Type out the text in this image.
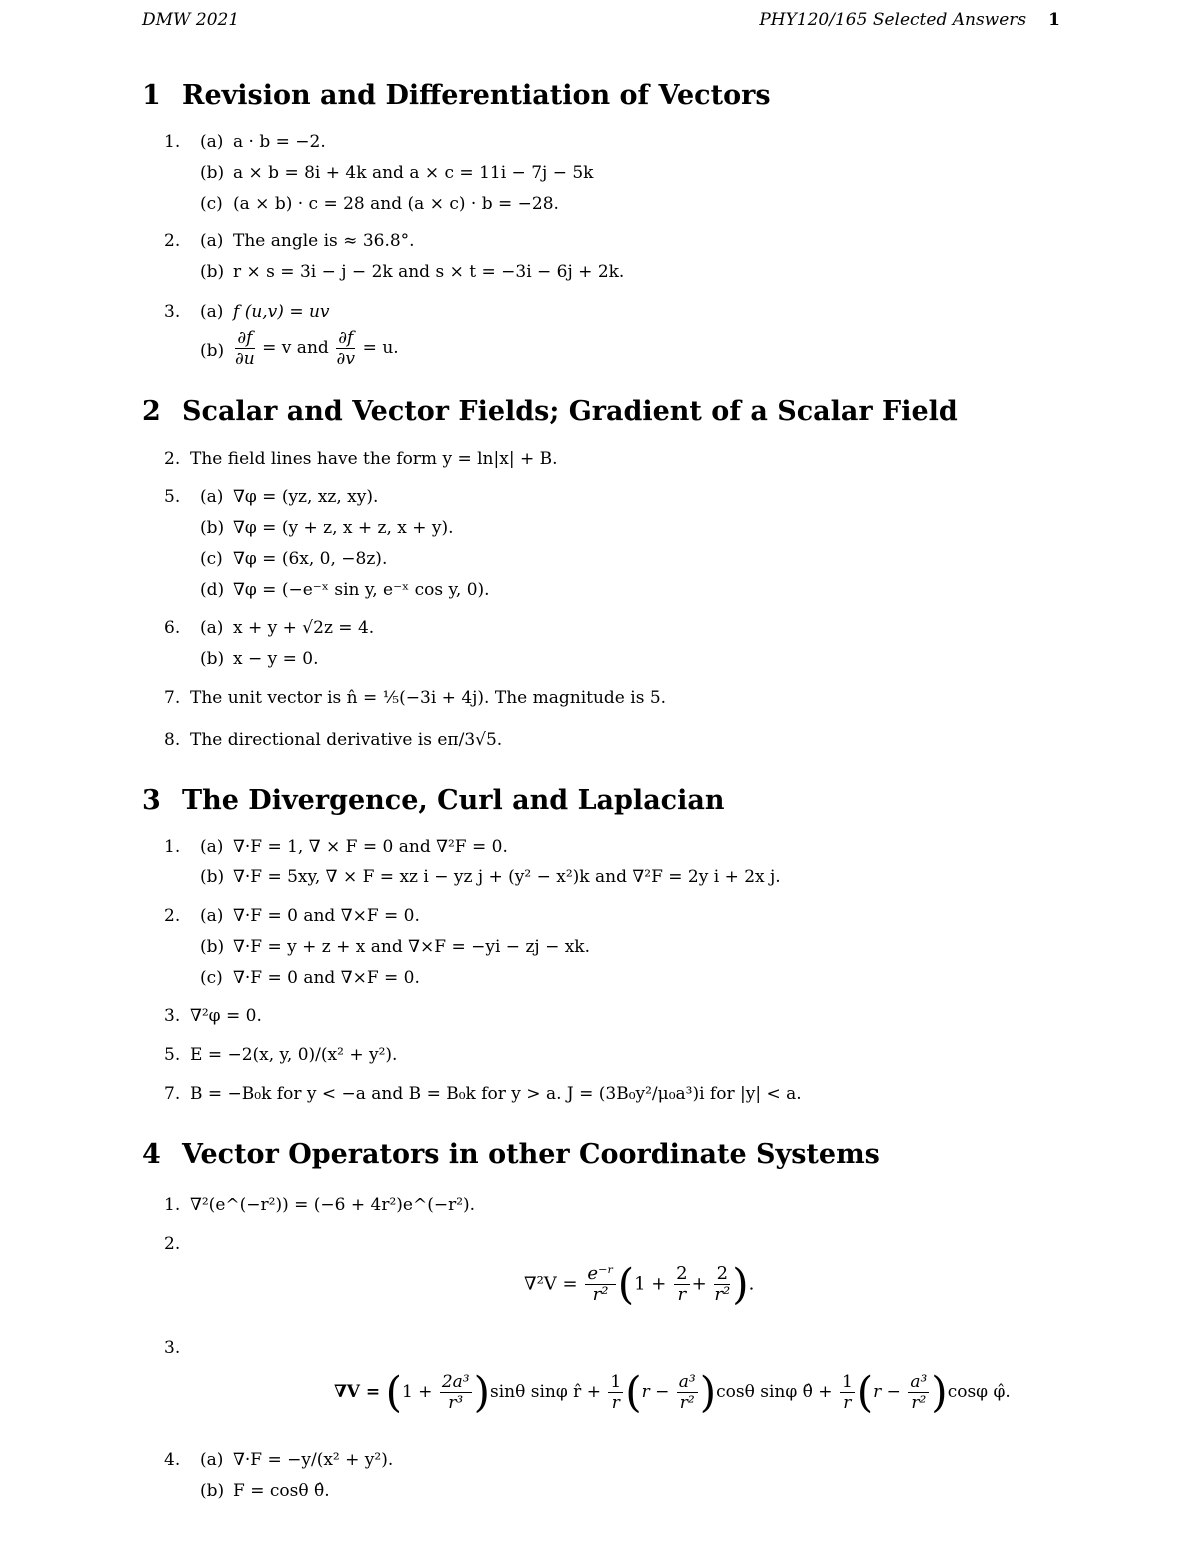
DMW 2021	PHY120/165 Selected Answers 1
1 Revision and Differentiation of Vectors
1. (a) a · b = −2.
(b) a × b = 8i + 4k and a × c = 11i − 7j − 5k
(c) (a × b) · c = 28 and (a × c) · b = −28.
2. (a) The angle is ≈ 36.8°.
(b) r × s = 3i − j − 2k and s × t = −3i − 6j + 2k.
3. (a) f (u,v) = uv
$(b) \frac{\partial f}{\partial u} = v$ and $\frac{\partial f}{\partial v} = u$.
2 Scalar and Vector Fields; Gradient of a Scalar Field
2. The field lines have the form y = ln|x| + B.
5. (a) ∇φ = (yz, xz, xy).
(b) ∇φ = (y + z, x + z, x + y).
(c) ∇φ = (6x, 0, −8z).
(d) ∇φ = (−e⁻ˣ sin y, e⁻ˣ cos y, 0).
6. (a) x + y + √2z = 4.
(b) x − y = 0.
7. The unit vector is n̂ = ⅕(−3i + 4j). The magnitude is 5.
8. The directional derivative is eπ/3√5.
3 The Divergence, Curl and Laplacian
1. (a) ∇·F = 1, ∇ × F = 0 and ∇²F = 0.
(b) ∇·F = 5xy, ∇ × F = xz i − yz j + (y² − x²)k and ∇²F = 2y i + 2x j.
2. (a) ∇·F = 0 and ∇×F = 0.
(b) ∇·F = y + z + x and ∇×F = −yi − zj − xk.
(c) ∇·F = 0 and ∇×F = 0.
3. ∇²φ = 0.
5. E = −2(x, y, 0)/(x² + y²).
7. B = −B₀k for y < −a and B = B₀k for y > a. J = (3B₀y²/μ₀a³)i for |y| < a.
4 Vector Operators in other Coordinate Systems
1. ∇²(e^(−r²)) = (−6 + 4r²)e^(−r²).
2.
$\nabla^2V = \frac{\text{e⁻ʳ}}{\text{r²}} (1 + \frac{2}{r} + \frac{2}{\text{r²}}$ ).
3.
$\nabla V = (1 + \frac{\text{2a³}}{\text{r³}} )\sin\theta$ sinφ r̂ + $\frac{1}{r} (r - \frac{\text{a³}}{\text{r²}} )\cos\theta$ sinφ θ̂ + $\frac{1}{r} (r - \frac{\text{a³}}{\text{r²}} )\cos\varphi$ φ̂.
4. (a) ∇·F = −y/(x² + y²).
(b) F = cosθ θ̂.
